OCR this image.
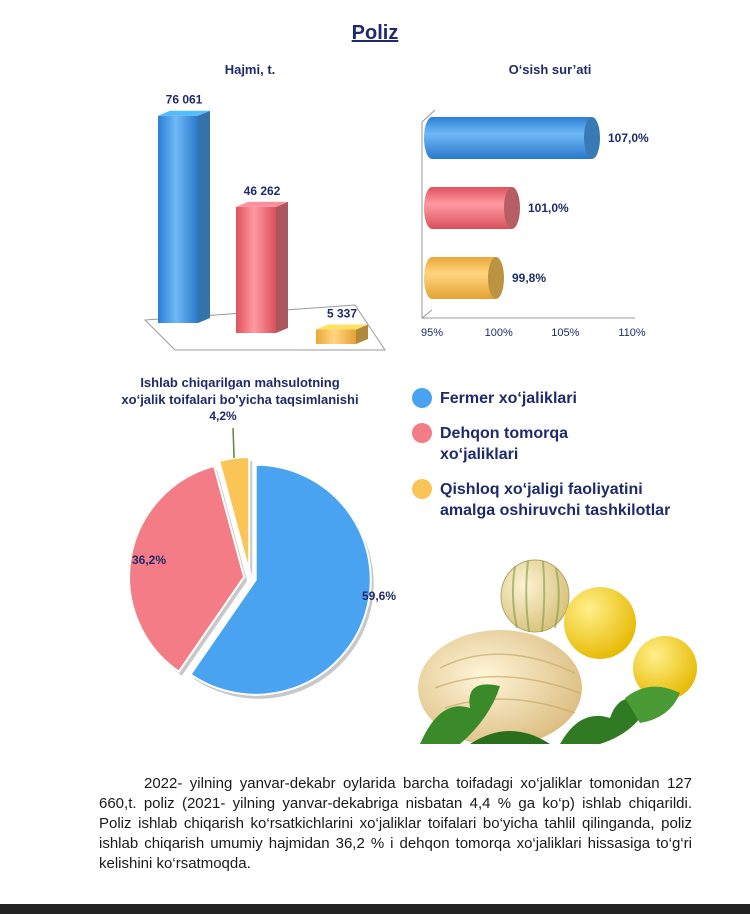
Poliz
Hajmi, t.
76 061
46 262
5 337
O‘sish sur’ati
107,0%
101,0%
99,8%
95%	100%	105%	110%
Ishlab chiqarilgan mahsulotning
xo‘jalik toifalari bo'yicha taqsimlanishi
59,6%
36,2%
4,2%
Fermer xo‘jaliklari
Dehqon tomorqa
xo‘jaliklari
Qishloq xo‘jaligi faoliyatini
amalga oshiruvchi tashkilotlar
2022- yilning yanvar-dekabr oylarida barcha toifadagi xo‘jaliklar tomonidan 127 660,t. poliz (2021- yilning yanvar-dekabriga nisbatan 4,4 % ga ko‘p) ishlab chiqarildi. Poliz ishlab chiqarish ko‘rsatkichlarini xo‘jaliklar toifalari bo‘yicha tahlil qilinganda, poliz ishlab chiqarish umumiy hajmidan 36,2 % i dehqon tomorqa xo‘jaliklari hissasiga to‘g‘ri kelishini ko‘rsatmoqda.
